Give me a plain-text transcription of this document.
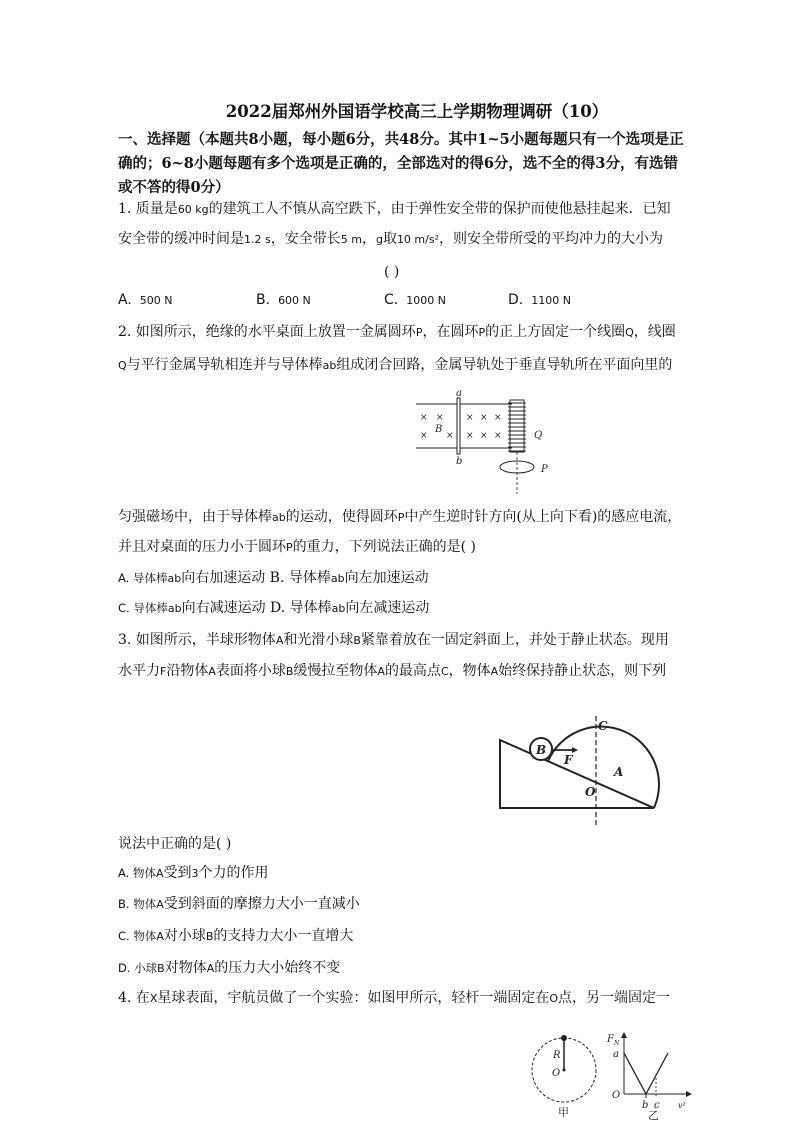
2022届郑州外国语学校高三上学期物理调研（10）
一、选择题（本题共8小题，每小题6分，共48分。其中1~5小题每题只有一个选项是正确的；6~8小题每题有多个选项是正确的，全部选对的得6分，选不全的得3分，有选错或不答的得0分）
1. 质量是60 kg的建筑工人不慎从高空跌下，由于弹性安全带的保护而使他悬挂起来．已知
安全带的缓冲时间是1.2 s，安全带长5 m，g取10 m/s²，则安全带所受的平均冲力的大小为
( )
A. 500 N	B. 600 N	C. 1000 N	D. 1100 N
2. 如图所示，绝缘的水平桌面上放置一金属圆环P，在圆环P的正上方固定一个线圈Q，线圈
Q与平行金属导轨相连并与导体棒ab组成闭合回路，金属导轨处于垂直导轨所在平面向里的
× × × × ×
× × × × ×
a
b
B
Q
P
匀强磁场中，由于导体棒ab的运动，使得圆环P中产生逆时针方向(从上向下看)的感应电流，
并且对桌面的压力小于圆环P的重力，下列说法正确的是( )
A. 导体棒ab向右加速运动 B. 导体棒ab向左加速运动
C. 导体棒ab向右减速运动 D. 导体棒ab向左减速运动
3. 如图所示，半球形物体A和光滑小球B紧靠着放在一固定斜面上，并处于静止状态。现用
水平力F沿物体A表面将小球B缓慢拉至物体A的最高点C，物体A始终保持静止状态，则下列
B
F
C
A
O
说法中正确的是( )
A. 物体A受到3个力的作用
B. 物体A受到斜面的摩擦力大小一直减小
C. 物体A对小球B的支持力大小一直增大
D. 小球B对物体A的压力大小始终不变
4. 在X星球表面，宇航员做了一个实验：如图甲所示，轻杆一端固定在O点，另一端固定一
R
O
甲
F N
a
O
b c v²
乙
